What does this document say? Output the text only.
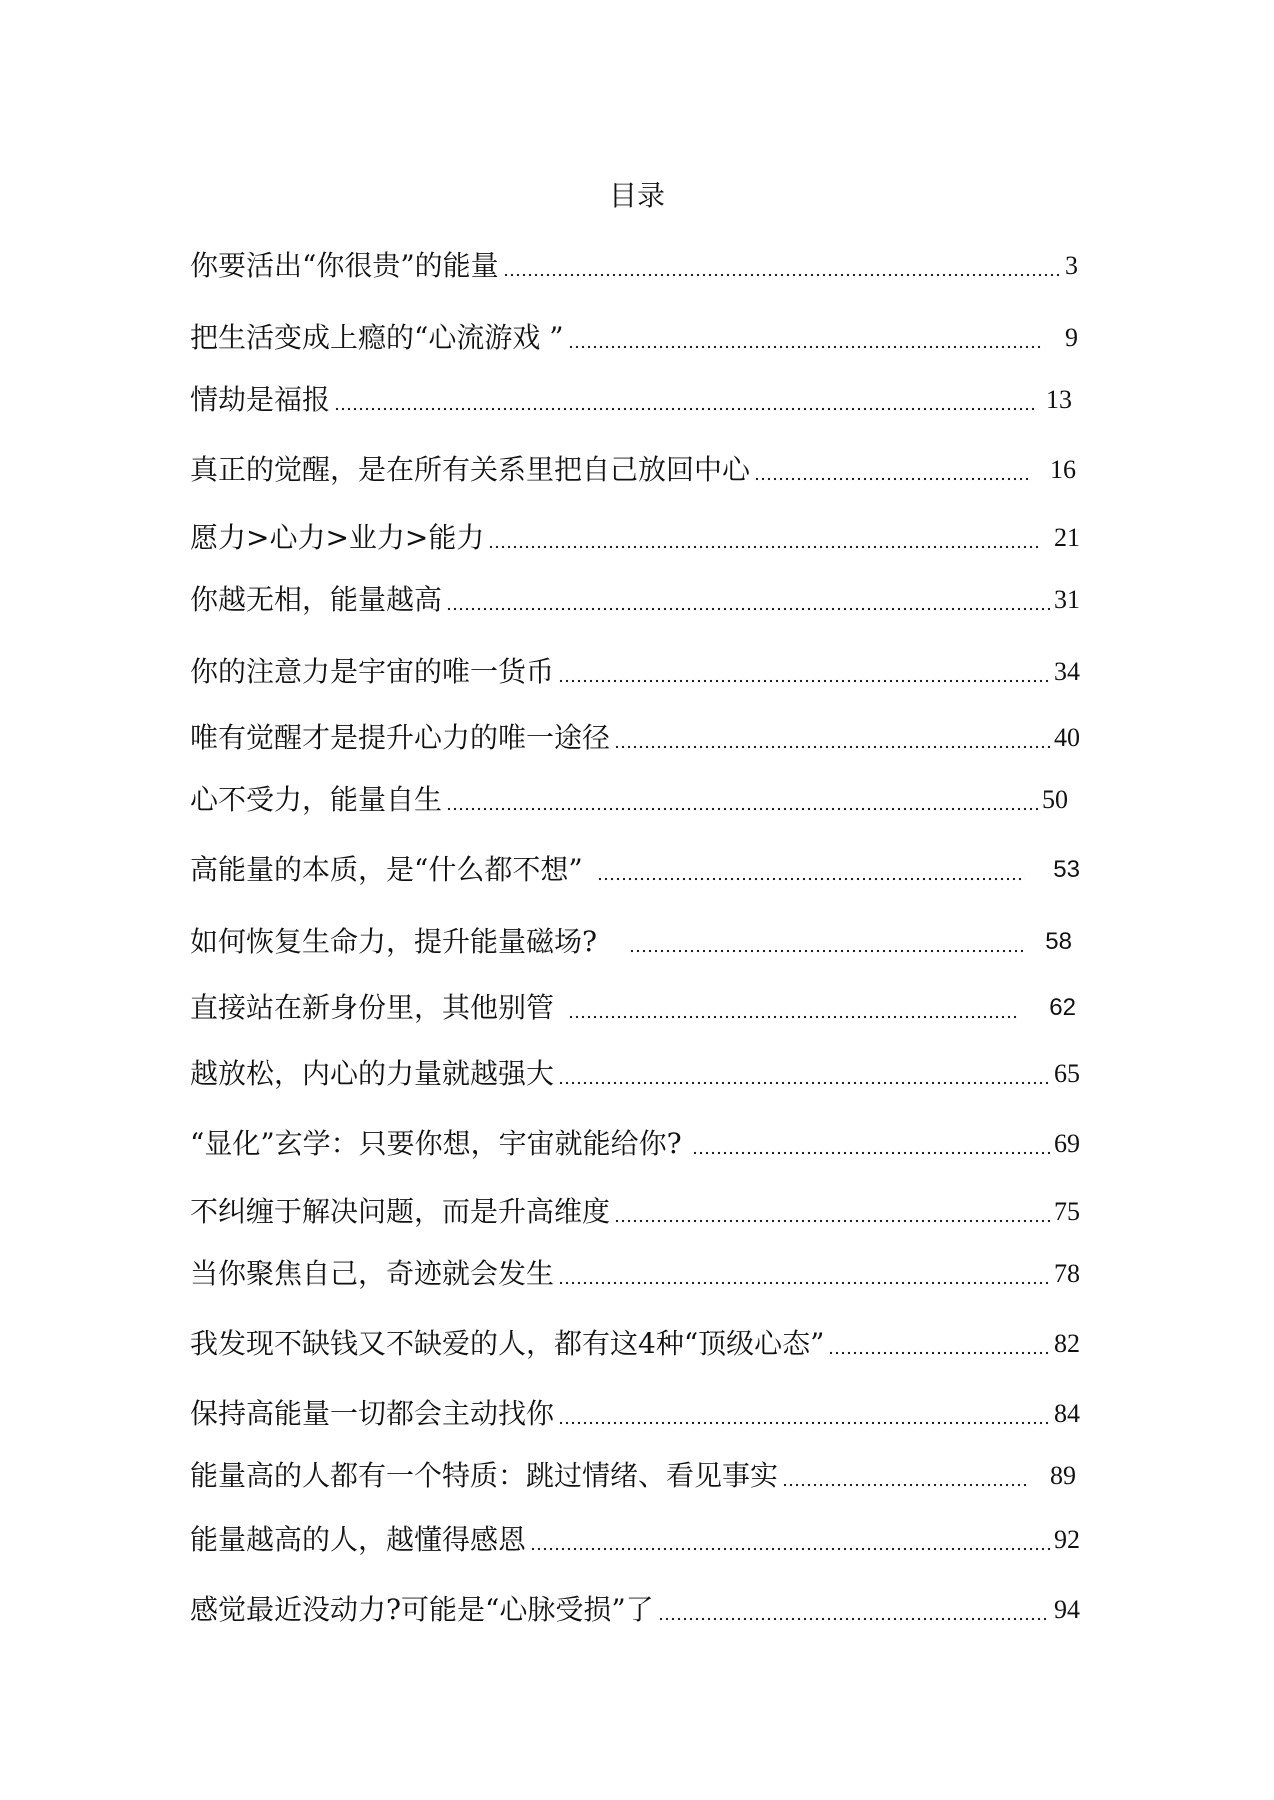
目录
你要活出“你很贵”的能量	3
把生活变成上瘾的“心流游戏 ”	9
情劫是福报	13
真正的觉醒，是在所有关系里把自己放回中心	16
愿力>心力>业力>能力	21
你越无相，能量越高	31
你的注意力是宇宙的唯一货币	34
唯有觉醒才是提升心力的唯一途径	40
心不受力，能量自生	50
高能量的本质，是“什么都不想”	53
如何恢复生命力，提升能量磁场?	58
直接站在新身份里，其他别管	62
越放松，内心的力量就越强大	65
“显化”玄学：只要你想，宇宙就能给你?	69
不纠缠于解决问题，而是升高维度	75
当你聚焦自己，奇迹就会发生	78
我发现不缺钱又不缺爱的人，都有这4种“顶级心态”	82
保持高能量一切都会主动找你	84
能量高的人都有一个特质：跳过情绪、看见事实	89
能量越高的人，越懂得感恩	92
感觉最近没动力?可能是“心脉受损”了	94
